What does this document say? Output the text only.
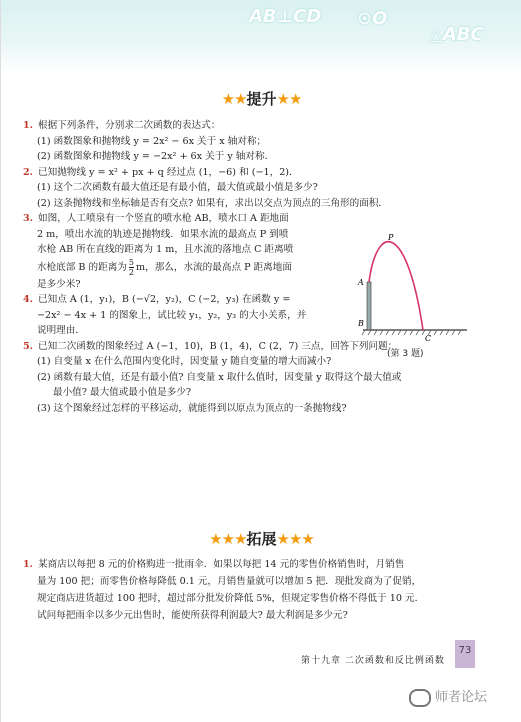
AB⊥CD ⊙O
△ABC
★★提升★★
1. 根据下列条件，分别求二次函数的表达式：
(1) 函数图象和抛物线 y = 2x² − 6x 关于 x 轴对称；
(2) 函数图象和抛物线 y = −2x² + 6x 关于 y 轴对称．
2. 已知抛物线 y = x² + px + q 经过点 (1，−6) 和 (−1，2)．
(1) 这个二次函数有最大值还是有最小值，最大值或最小值是多少?
(2) 这条抛物线和坐标轴是否有交点? 如果有，求出以交点为顶点的三角形的面积．
3. 如图，人工喷泉有一个竖直的喷水枪 AB，喷水口 A 距地面
2 m，喷出水流的轨迹是抛物线．如果水流的最高点 P 到喷
水枪 AB 所在直线的距离为 1 m，且水流的落地点 C 距离喷
水枪底部 B 的距离为 $\frac{5}{2}$ m，那么，水流的最高点 P 距离地面
是多少米?
4. 已知点 A (1，y₁)，B (−√2，y₂)，C (−2，y₃) 在函数 y =
−2x² − 4x + 1 的图象上，试比较 y₁，y₂，y₃ 的大小关系，并
说明理由．
5. 已知二次函数的图象经过 A (−1，10)，B (1，4)，C (2，7) 三点，回答下列问题：
(1) 自变量 x 在什么范围内变化时，因变量 y 随自变量的增大而减小?
(2) 函数有最大值，还是有最小值? 自变量 x 取什么值时，因变量 y 取得这个最大值或
最小值? 最大值或最小值是多少?
(3) 这个图象经过怎样的平移运动，就能得到以原点为顶点的一条抛物线?
P
A
B
C
(第 3 题)
★★★拓展★★★
1. 某商店以每把 8 元的价格购进一批雨伞．如果以每把 14 元的零售价格销售时，月销售
量为 100 把；而零售价格每降低 0.1 元，月销售量就可以增加 5 把．现批发商为了促销，
规定商店进货超过 100 把时，超过部分批发价降低 5%，但规定零售价格不得低于 10 元．
试问每把雨伞以多少元出售时，能使所获得利润最大? 最大利润是多少元?
第十九章 二次函数和反比例函数
73
师者论坛
